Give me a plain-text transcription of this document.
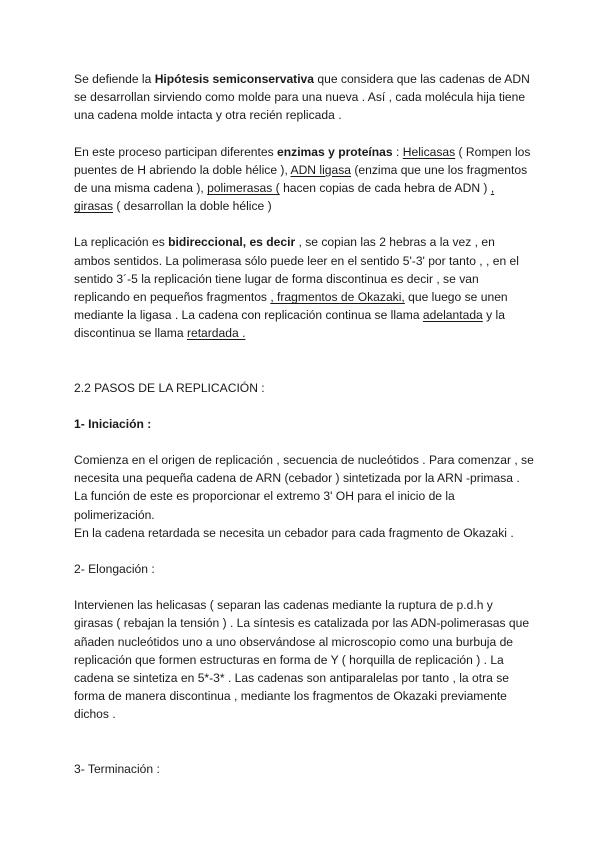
Se defiende la Hipótesis semiconservativa que considera que las cadenas de ADN se desarrollan sirviendo como molde para una nueva . Así , cada molécula hija tiene una cadena molde intacta y otra recién replicada .

En este proceso participan diferentes enzimas y proteínas : Helicasas ( Rompen los puentes de H abriendo la doble hélice ), ADN ligasa (enzima que une los fragmentos de una misma cadena ), polimerasas ( hacen copias de cada hebra de ADN ) , girasas ( desarrollan la doble hélice )

La replicación es bidireccional, es decir , se copian las 2 hebras a la vez , en ambos sentidos. La polimerasa sólo puede leer en el sentido 5'-3' por tanto , , en el sentido 3´-5 la replicación tiene lugar de forma discontinua es decir , se van replicando en pequeños fragmentos , fragmentos de Okazaki, que luego se unen mediante la ligasa . La cadena con replicación continua se llama adelantada y la discontinua se llama retardada .

2.2 PASOS DE LA REPLICACIÓN :

1- Iniciación :

Comienza en el origen de replicación , secuencia de nucleótidos . Para comenzar , se necesita una pequeña cadena de ARN (cebador ) sintetizada por la ARN -primasa . La función de este es proporcionar el extremo 3' OH para el inicio de la polimerización.

En la cadena retardada se necesita un cebador para cada fragmento de Okazaki .

2- Elongación :

Intervienen las helicasas ( separan las cadenas mediante la ruptura de p.d.h y girasas ( rebajan la tensión ) . La síntesis es catalizada por las ADN-polimerasas que añaden nucleótidos uno a uno observándose al microscopio como una burbuja de replicación que formen estructuras en forma de Y ( horquilla de replicación ) . La cadena se sintetiza en 5*-3* . Las cadenas son antiparalelas por tanto , la otra se forma de manera discontinua , mediante los fragmentos de Okazaki previamente dichos .

3- Terminación :
